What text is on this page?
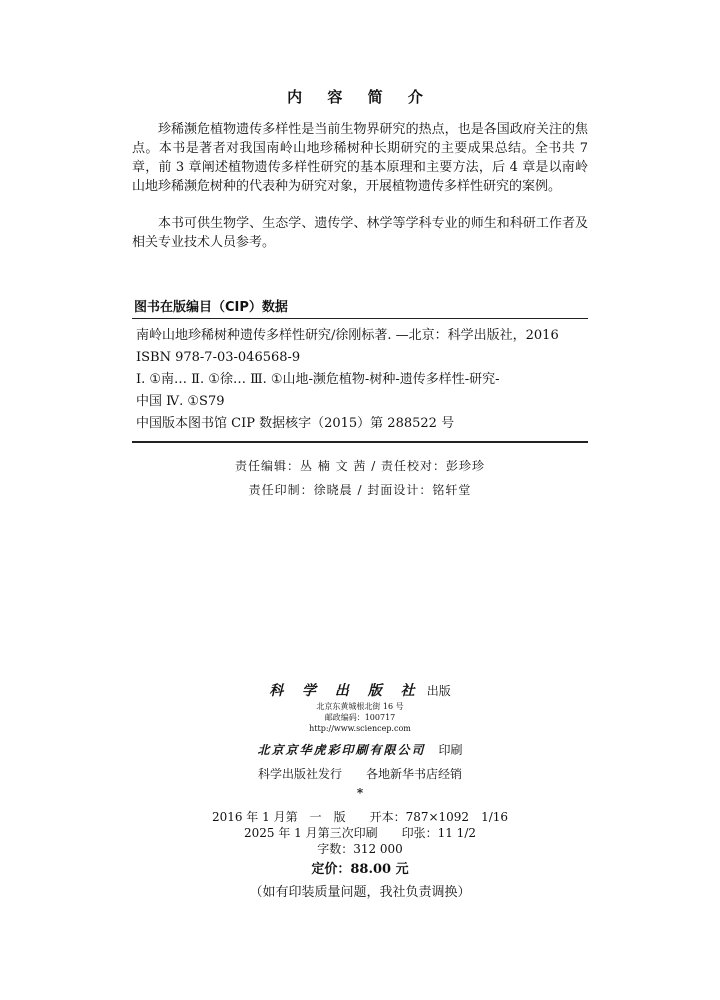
内 容 简 介
珍稀濒危植物遗传多样性是当前生物界研究的热点，也是各国政府关注的焦点。本书是著者对我国南岭山地珍稀树种长期研究的主要成果总结。全书共 7 章，前 3 章阐述植物遗传多样性研究的基本原理和主要方法，后 4 章是以南岭山地珍稀濒危树种的代表种为研究对象，开展植物遗传多样性研究的案例。
本书可供生物学、生态学、遗传学、林学等学科专业的师生和科研工作者及相关专业技术人员参考。
图书在版编目（CIP）数据
南岭山地珍稀树种遗传多样性研究/徐刚标著. —北京：科学出版社，2016
ISBN 978-7-03-046568-9
Ⅰ. ①南… Ⅱ. ①徐… Ⅲ. ①山地-濒危植物-树种-遗传多样性-研究-
中国 Ⅳ. ①S79
中国版本图书馆 CIP 数据核字（2015）第 288522 号
责任编辑：丛 楠 文 茜 / 责任校对：彭珍珍
责任印制：徐晓晨 / 封面设计：铭轩堂
科 学 出 版 社 出版
北京东黄城根北街 16 号
邮政编码：100717
http://www.sciencep.com
北京京华虎彩印刷有限公司 印刷
科学出版社发行　　各地新华书店经销
*
2016 年 1 月第　一　版　　开本：787×1092　1/16
2025 年 1 月第三次印刷　　印张：11 1/2
字数：312 000
定价：88.00 元
（如有印装质量问题，我社负责调换）
